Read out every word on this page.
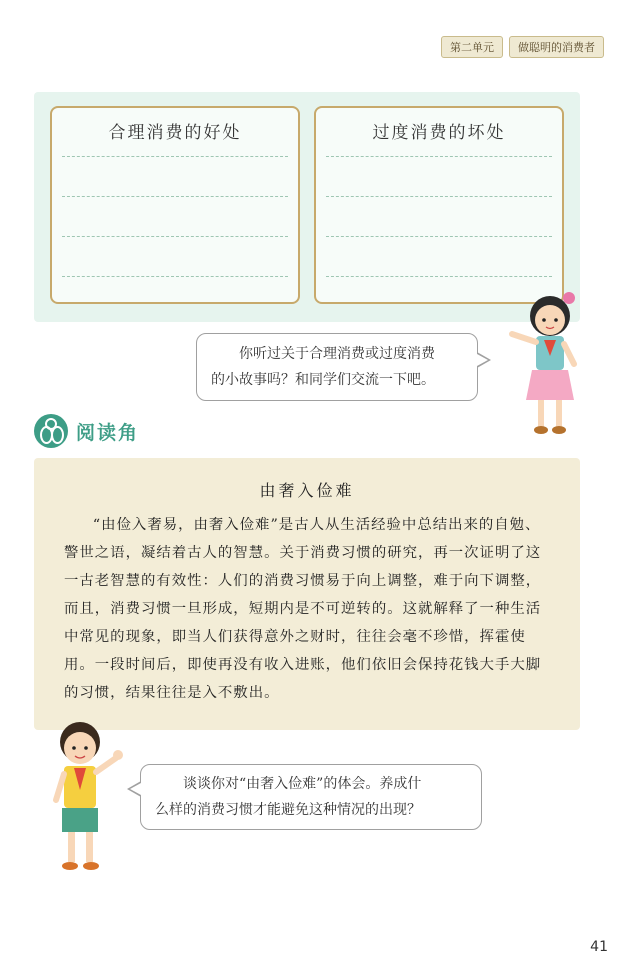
第二单元	做聪明的消费者
合理消费的好处	过度消费的坏处
你听过关于合理消费或过度消费
的小故事吗？和同学们交流一下吧。
阅读角
由奢入俭难
“由俭入奢易，由奢入俭难”是古人从生活经验中总结出来的自勉、警世之语，凝结着古人的智慧。关于消费习惯的研究，再一次证明了这一古老智慧的有效性：人们的消费习惯易于向上调整，难于向下调整，而且，消费习惯一旦形成，短期内是不可逆转的。这就解释了一种生活中常见的现象，即当人们获得意外之财时，往往会毫不珍惜，挥霍使用。一段时间后，即使再没有收入进账，他们依旧会保持花钱大手大脚的习惯，结果往往是入不敷出。
谈谈你对“由奢入俭难”的体会。养成什
么样的消费习惯才能避免这种情况的出现？
41
